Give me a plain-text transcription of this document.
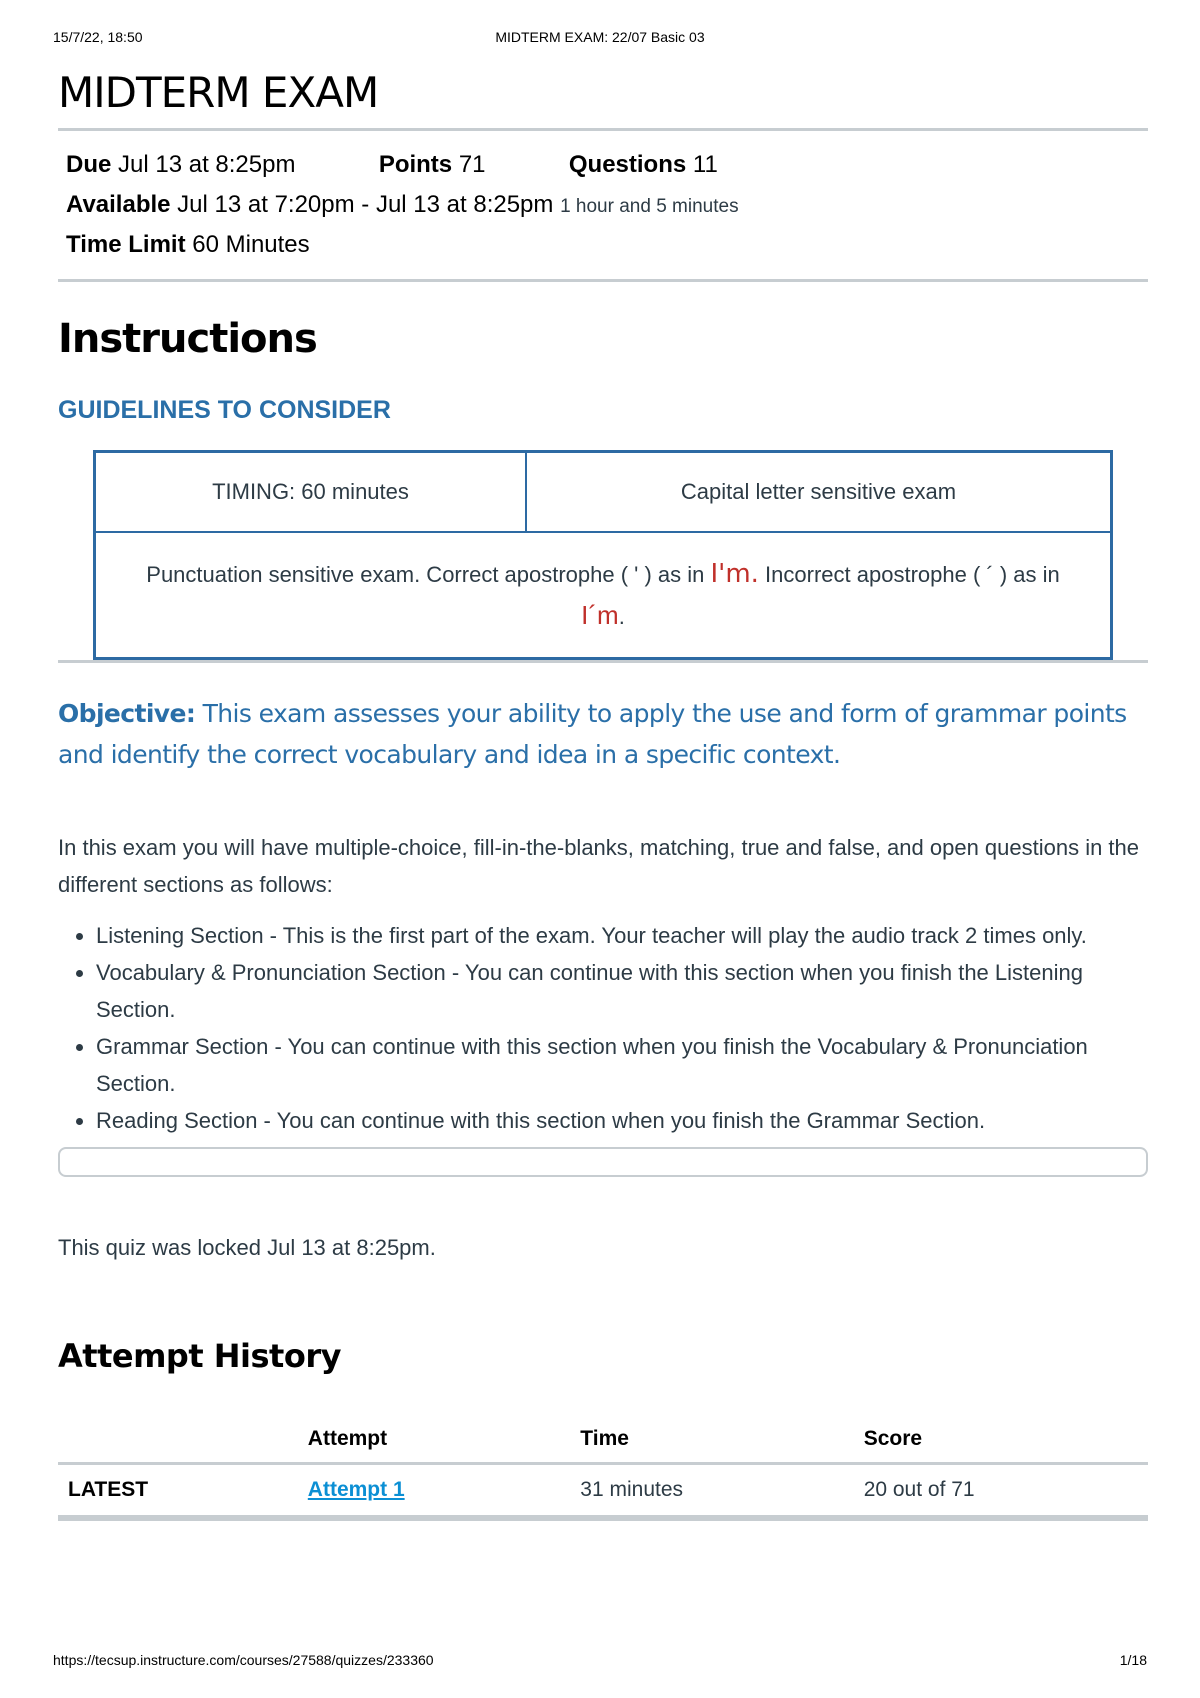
15/7/22, 18:50	MIDTERM EXAM: 22/07 Basic 03
MIDTERM EXAM
Due Jul 13 at 8:25pm	Points 71	Questions 11
Available Jul 13 at 7:20pm - Jul 13 at 8:25pm 1 hour and 5 minutes
Time Limit 60 Minutes
Instructions
GUIDELINES TO CONSIDER
TIMING: 60 minutes	Capital letter sensitive exam
Punctuation sensitive exam. Correct apostrophe ( ' ) as in I'm. Incorrect apostrophe ( ´ ) as in
I´m.
Objective: This exam assesses your ability to apply the use and form of grammar points and identify the correct vocabulary and idea in a specific context.
In this exam you will have multiple-choice, fill-in-the-blanks, matching, true and false, and open questions in the different sections as follows:
• Listening Section - This is the first part of the exam. Your teacher will play the audio track 2 times only.
• Vocabulary & Pronunciation Section - You can continue with this section when you finish the Listening Section.
• Grammar Section - You can continue with this section when you finish the Vocabulary & Pronunciation Section.
• Reading Section - You can continue with this section when you finish the Grammar Section.
This quiz was locked Jul 13 at 8:25pm.
Attempt History
	Attempt	Time	Score
LATEST	Attempt 1	31 minutes	20 out of 71
https://tecsup.instructure.com/courses/27588/quizzes/233360	1/18
